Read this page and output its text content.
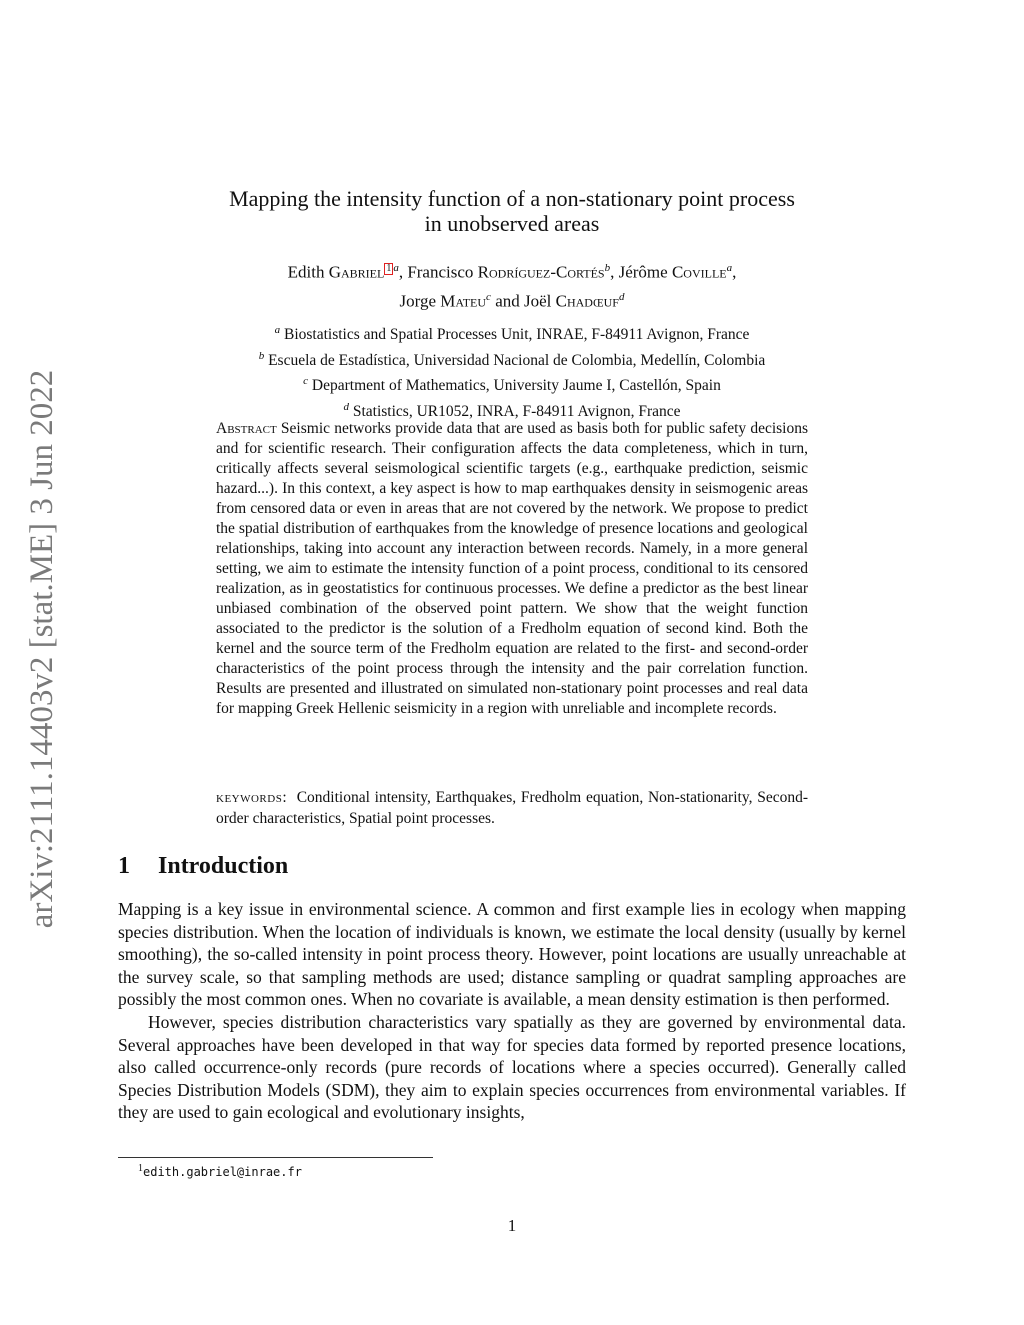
arXiv:2111.14403v2 [stat.ME] 3 Jun 2022
Mapping the intensity function of a non-stationary point process
in unobserved areas
Edith Gabriel 1 $^a$, Francisco Rodríguez-Cortés$^b$, Jérôme Coville$^a$,
Jorge Mateu$^c$ and Joël Chadœuf$^d$
$^a$ Biostatistics and Spatial Processes Unit, INRAE, F-84911 Avignon, France
$^b$ Escuela de Estadística, Universidad Nacional de Colombia, Medellín, Colombia
$^c$ Department of Mathematics, University Jaume I, Castellón, Spain
$^d$ Statistics, UR1052, INRA, F-84911 Avignon, France
Abstract Seismic networks provide data that are used as basis both for public safety decisions and for scientific research. Their configuration affects the data completeness, which in turn, critically affects several seismological scientific targets (e.g., earthquake prediction, seismic hazard...). In this context, a key aspect is how to map earthquakes density in seismogenic areas from censored data or even in areas that are not covered by the network. We propose to predict the spatial distribution of earthquakes from the knowledge of presence locations and geological relationships, taking into account any interaction between records. Namely, in a more general setting, we aim to estimate the intensity function of a point process, conditional to its censored realization, as in geostatistics for continuous processes. We define a predictor as the best linear unbiased combination of the observed point pattern. We show that the weight function associated to the predictor is the solution of a Fredholm equation of second kind. Both the kernel and the source term of the Fredholm equation are related to the first- and second-order characteristics of the point process through the intensity and the pair correlation function. Results are presented and illustrated on simulated non-stationary point processes and real data for mapping Greek Hellenic seismicity in a region with unreliable and incomplete records.
keywords: Conditional intensity, Earthquakes, Fredholm equation, Non-stationarity, Second-order characteristics, Spatial point processes.
1 Introduction

Mapping is a key issue in environmental science. A common and first example lies in ecology when mapping species distribution. When the location of individuals is known, we estimate the local density (usually by kernel smoothing), the so-called intensity in point process theory. However, point locations are usually unreachable at the survey scale, so that sampling methods are used; distance sampling or quadrat sampling approaches are possibly the most common ones. When no covariate is available, a mean density estimation is then performed.

However, species distribution characteristics vary spatially as they are governed by environmental data. Several approaches have been developed in that way for species data formed by reported presence locations, also called occurrence-only records (pure records of locations where a species occurred). Generally called Species Distribution Models (SDM), they aim to explain species occurrences from environmental variables. If they are used to gain ecological and evolutionary insights,

$^1$edith.gabriel@inrae.fr
1
